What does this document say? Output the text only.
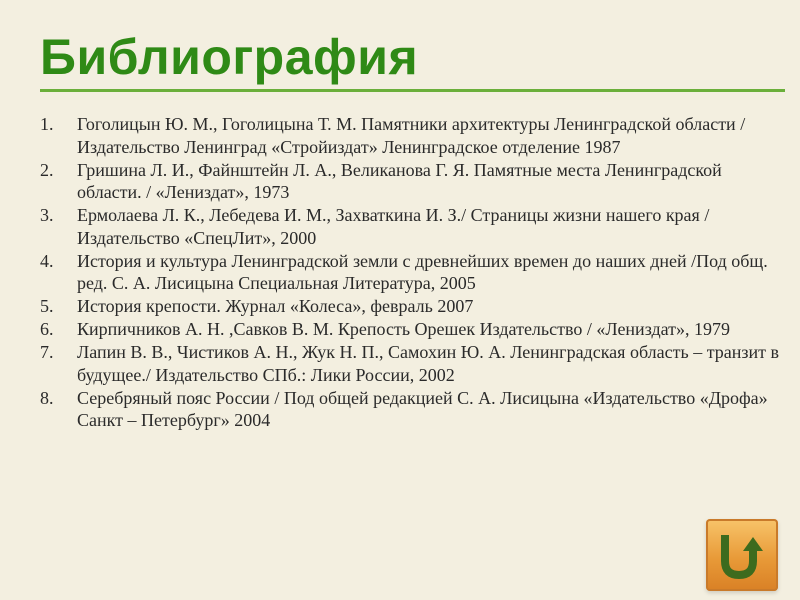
Библиография
1.	Гоголицын Ю. М., Гоголицына Т. М. Памятники архитектуры Ленинградской области / Издательство Ленинград «Стройиздат» Ленинградское отделение 1987
2.	Гришина Л. И., Файнштейн Л. А., Великанова Г. Я. Памятные места Ленинградской области. / «Лениздат», 1973
3.	Ермолаева Л. К., Лебедева И. М., Захваткина И. З./ Страницы жизни нашего края / Издательство «СпецЛит», 2000
4.	История и культура Ленинградской земли с древнейших времен до наших дней /Под общ. ред. С. А. Лисицына Специальная Литература, 2005
5.	История крепости. Журнал «Колеса», февраль 2007
6.	Кирпичников А. Н. ,Савков В. М. Крепость Орешек Издательство / «Лениздат», 1979
7.	Лапин В. В., Чистиков А. Н., Жук Н. П., Самохин Ю. А. Ленинградская область – транзит в будущее./ Издательство СПб.: Лики России, 2002
8.	Серебряный пояс России / Под общей редакцией С. А. Лисицына «Издательство «Дрофа» Санкт – Петербург» 2004
